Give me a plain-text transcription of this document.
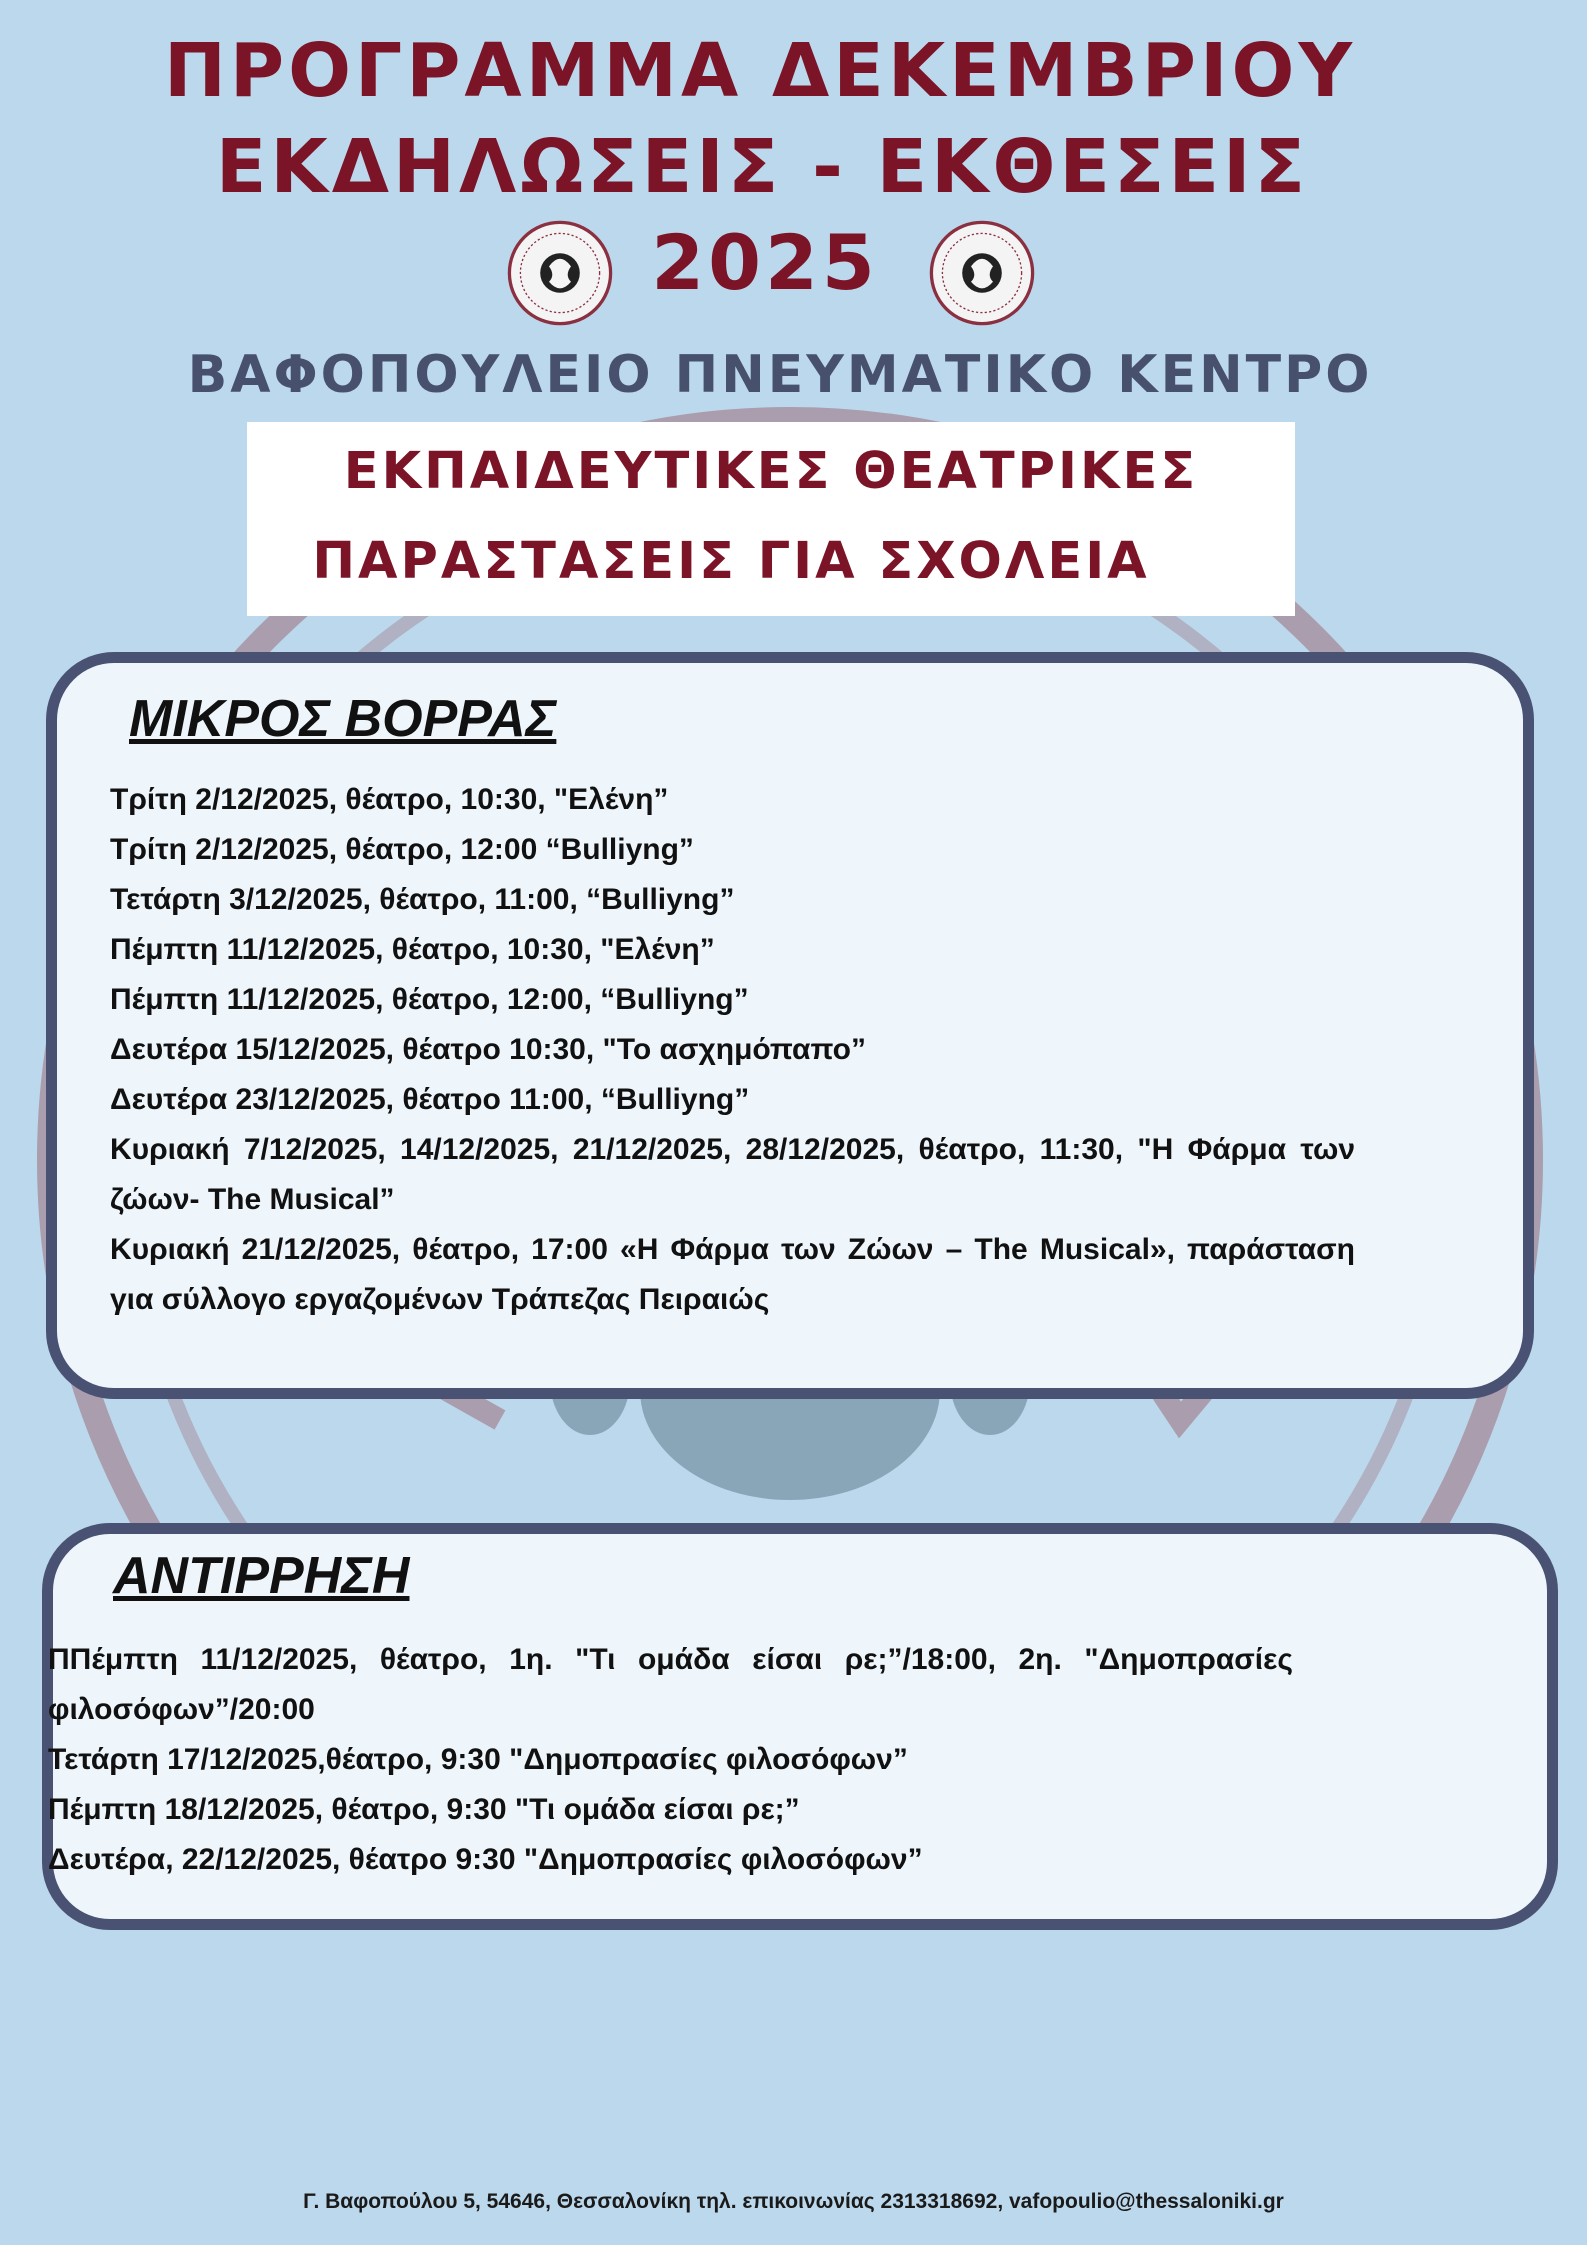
ΠΡΟΓΡΑΜΜΑ ΔΕΚΕΜΒΡΙΟΥ
ΕΚΔΗΛΩΣΕΙΣ - ΕΚΘΕΣΕΙΣ
2025
ΒΑΦΟΠΟΥΛΕΙΟ ΠΝΕΥΜΑΤΙΚΟ ΚΕΝΤΡΟ
ΕΚΠΑΙΔΕΥΤΙΚΕΣ ΘΕΑΤΡΙΚΕΣ
ΠΑΡΑΣΤΑΣΕΙΣ ΓΙΑ ΣΧΟΛΕΙΑ
ΜΙΚΡΟΣ ΒΟΡΡΑΣ
Τρίτη 2/12/2025, θέατρο, 10:30, "Ελένη”
Τρίτη 2/12/2025, θέατρο, 12:00 “Bulliyng”
Τετάρτη 3/12/2025, θέατρο, 11:00, “Bulliyng”
Πέμπτη 11/12/2025, θέατρο, 10:30, "Ελένη”
Πέμπτη 11/12/2025, θέατρο, 12:00, “Bulliyng”
Δευτέρα 15/12/2025, θέατρο 10:30, "Το ασχημόπαπο”
Δευτέρα 23/12/2025, θέατρο 11:00, “Bulliyng”
Κυριακή 7/12/2025, 14/12/2025, 21/12/2025, 28/12/2025, θέατρο, 11:30, "Η Φάρμα των ζώων- The Musical”
Κυριακή 21/12/2025, θέατρο, 17:00 «Η Φάρμα των Ζώων – The Musical», παράσταση για σύλλογο εργαζομένων Τράπεζας Πειραιώς
ΑΝΤΙΡΡΗΣΗ
ΠΠέμπτη 11/12/2025, θέατρο, 1η. "Τι ομάδα είσαι ρε;”/18:00, 2η. "Δημοπρασίες φιλοσόφων”/20:00
Τετάρτη 17/12/2025,θέατρο, 9:30 "Δημοπρασίες φιλοσόφων”
Πέμπτη 18/12/2025, θέατρο, 9:30 "Τι ομάδα είσαι ρε;”
Δευτέρα, 22/12/2025, θέατρο 9:30 "Δημοπρασίες φιλοσόφων”
Γ. Βαφοπούλου 5, 54646, Θεσσαλονίκη τηλ. επικοινωνίας 2313318692, vafopoulio@thessaloniki.gr
